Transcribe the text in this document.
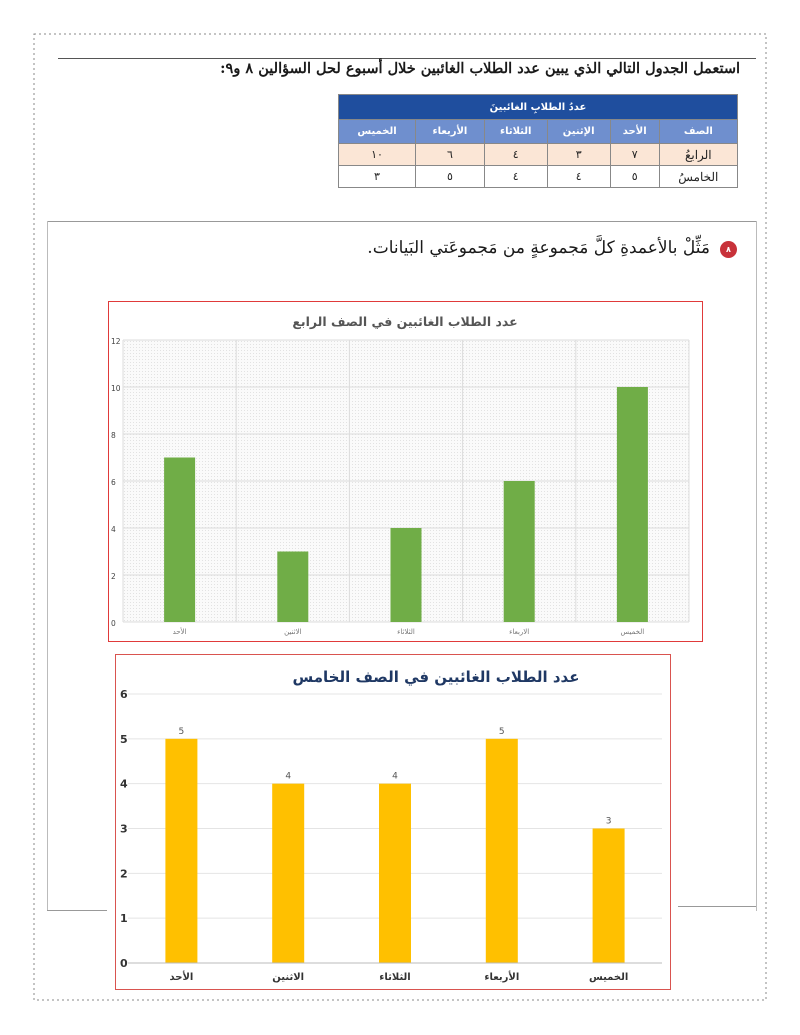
استعمل الجدول التالي الذي يبين عدد الطلاب الغائبين خلال أسبوع لحل السؤالين ٨ و٩:
عددُ الطلابِ الغائبينَ					
الصف	الأحد	الإثنين	الثلاثاء	الأربعاء	الخميس
الرابعُ	٧	٣	٤	٦	١٠
الخامسُ	٥	٤	٤	٥	٣
٨
مَثِّلْ بالأعمدةِ كلَّ مَجموعةٍ من مَجموعَتي البَيانات.
عدد الطلاب الغائبين في الصف الرابع
0
2
4
6
8
10
12
الأحد	الاثنين	الثلاثاء	الاربعاء	الخميس
عدد الطلاب الغائبين في الصف الخامس
0
1
2
3
4
5
6
الأحد
5
الاثنين
4
الثلاثاء
4
الأربعاء
5
الخميس
3
